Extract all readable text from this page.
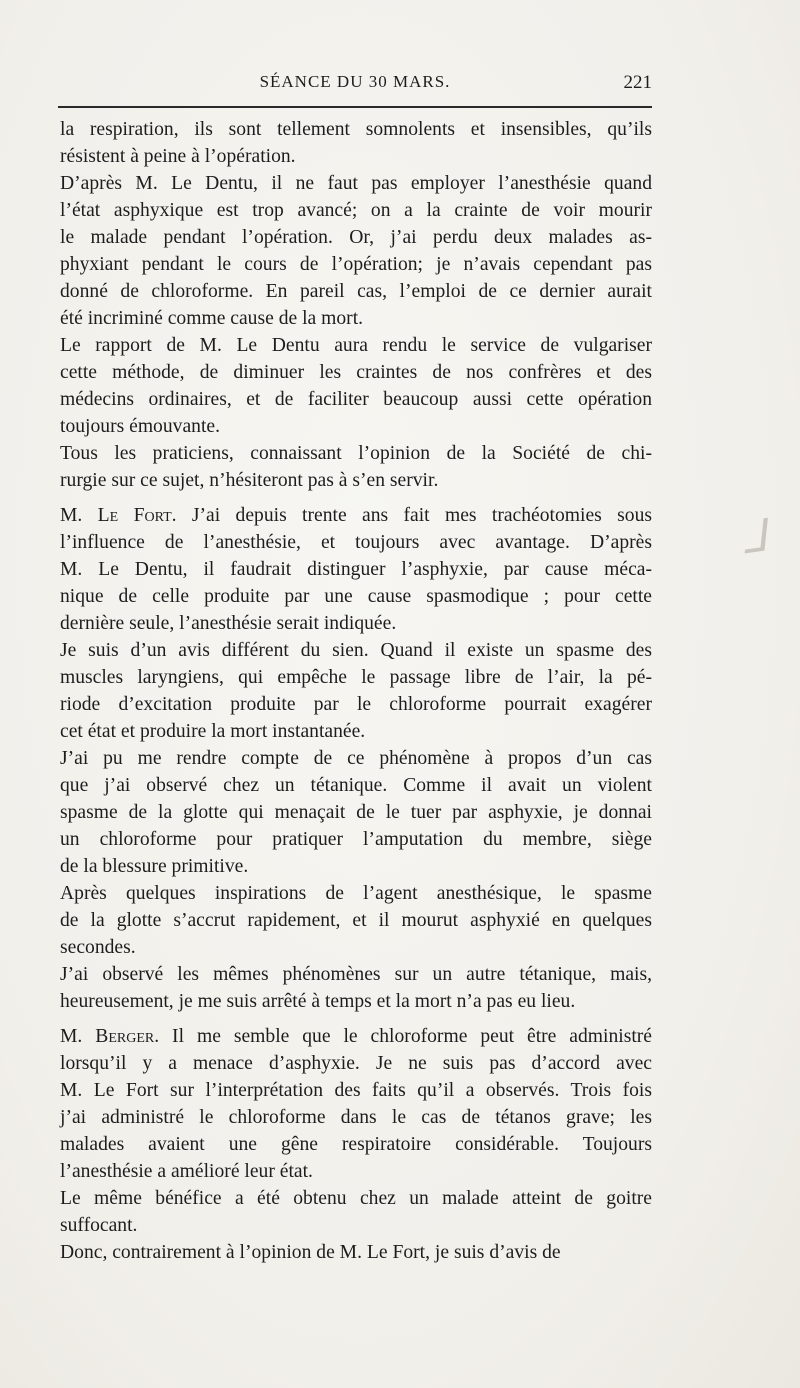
SÉANCE DU 30 MARS.	221

la respiration, ils sont tellement somnolents et insensibles, qu’ils
résistent à peine à l’opération.

D’après M. Le Dentu, il ne faut pas employer l’anesthésie quand
l’état asphyxique est trop avancé; on a la crainte de voir mourir
le malade pendant l’opération. Or, j’ai perdu deux malades as-
phyxiant pendant le cours de l’opération; je n’avais cependant pas
donné de chloroforme. En pareil cas, l’emploi de ce dernier aurait
été incriminé comme cause de la mort.

Le rapport de M. Le Dentu aura rendu le service de vulgariser
cette méthode, de diminuer les craintes de nos confrères et des
médecins ordinaires, et de faciliter beaucoup aussi cette opération
toujours émouvante.

Tous les praticiens, connaissant l’opinion de la Société de chi-
rurgie sur ce sujet, n’hésiteront pas à s’en servir.

M. Le Fort. J’ai depuis trente ans fait mes trachéotomies sous
l’influence de l’anesthésie, et toujours avec avantage. D’après
M. Le Dentu, il faudrait distinguer l’asphyxie, par cause méca-
nique de celle produite par une cause spasmodique ; pour cette
dernière seule, l’anesthésie serait indiquée.

Je suis d’un avis différent du sien. Quand il existe un spasme des
muscles laryngiens, qui empêche le passage libre de l’air, la pé-
riode d’excitation produite par le chloroforme pourrait exagérer
cet état et produire la mort instantanée.

J’ai pu me rendre compte de ce phénomène à propos d’un cas
que j’ai observé chez un tétanique. Comme il avait un violent
spasme de la glotte qui menaçait de le tuer par asphyxie, je donnai
un chloroforme pour pratiquer l’amputation du membre, siège
de la blessure primitive.

Après quelques inspirations de l’agent anesthésique, le spasme
de la glotte s’accrut rapidement, et il mourut asphyxié en quelques
secondes.

J’ai observé les mêmes phénomènes sur un autre tétanique, mais,
heureusement, je me suis arrêté à temps et la mort n’a pas eu lieu.

M. Berger. Il me semble que le chloroforme peut être administré
lorsqu’il y a menace d’asphyxie. Je ne suis pas d’accord avec
M. Le Fort sur l’interprétation des faits qu’il a observés. Trois fois
j’ai administré le chloroforme dans le cas de tétanos grave; les
malades avaient une gêne respiratoire considérable. Toujours
l’anesthésie a amélioré leur état.

Le même bénéfice a été obtenu chez un malade atteint de goitre
suffocant.

Donc, contrairement à l’opinion de M. Le Fort, je suis d’avis de

ᒧ
